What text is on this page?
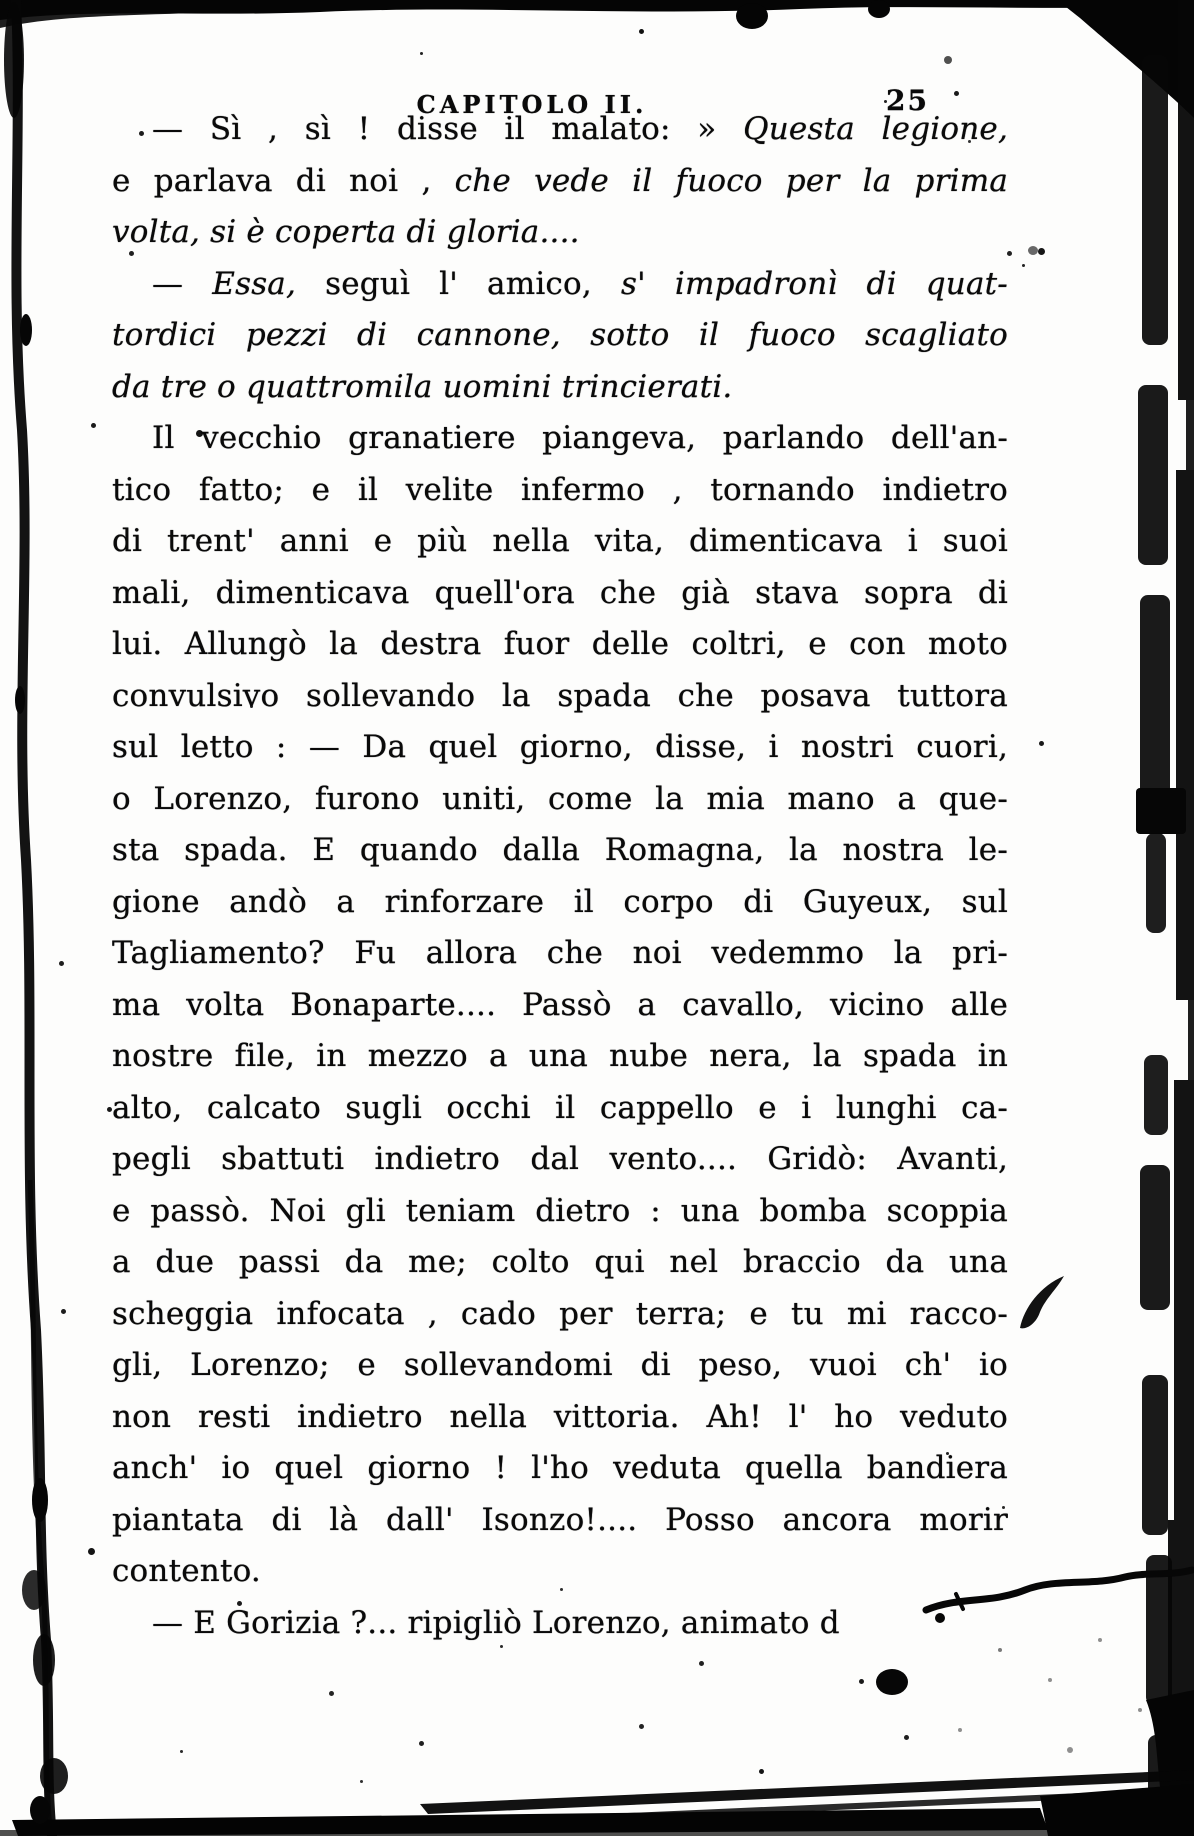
CAPITOLO II.	25
— Sì , sì ! disse il malato: » Questa legione,
e parlava di noi , che vede il fuoco per la prima
volta, si è coperta di gloria....
— Essa, seguì l' amico, s' impadronì di quat-
tordici pezzi di cannone, sotto il fuoco scagliato
da tre o quattromila uomini trincierati.
Il vecchio granatiere piangeva, parlando dell'an-
tico fatto; e il velite infermo , tornando indietro
di trent' anni e più nella vita, dimenticava i suoi
mali, dimenticava quell'ora che già stava sopra di
lui. Allungò la destra fuor delle coltri, e con moto
convulsivo sollevando la spada che posava tuttora
sul letto : — Da quel giorno, disse, i nostri cuori,
o Lorenzo, furono uniti, come la mia mano a que-
sta spada. E quando dalla Romagna, la nostra le-
gione andò a rinforzare il corpo di Guyeux, sul
Tagliamento? Fu allora che noi vedemmo la pri-
ma volta Bonaparte.... Passò a cavallo, vicino alle
nostre file, in mezzo a una nube nera, la spada in
alto, calcato sugli occhi il cappello e i lunghi ca-
pegli sbattuti indietro dal vento.... Gridò: Avanti,
e passò. Noi gli teniam dietro : una bomba scoppia
a due passi da me; colto qui nel braccio da una
scheggia infocata , cado per terra; e tu mi racco-
gli, Lorenzo; e sollevandomi di peso, vuoi ch' io
non resti indietro nella vittoria. Ah! l' ho veduto
anch' io quel giorno ! l'ho veduta quella bandiera
piantata di là dall' Isonzo!.... Posso ancora morir
contento.
— E Gorizia ?... ripigliò Lorenzo, animato d
